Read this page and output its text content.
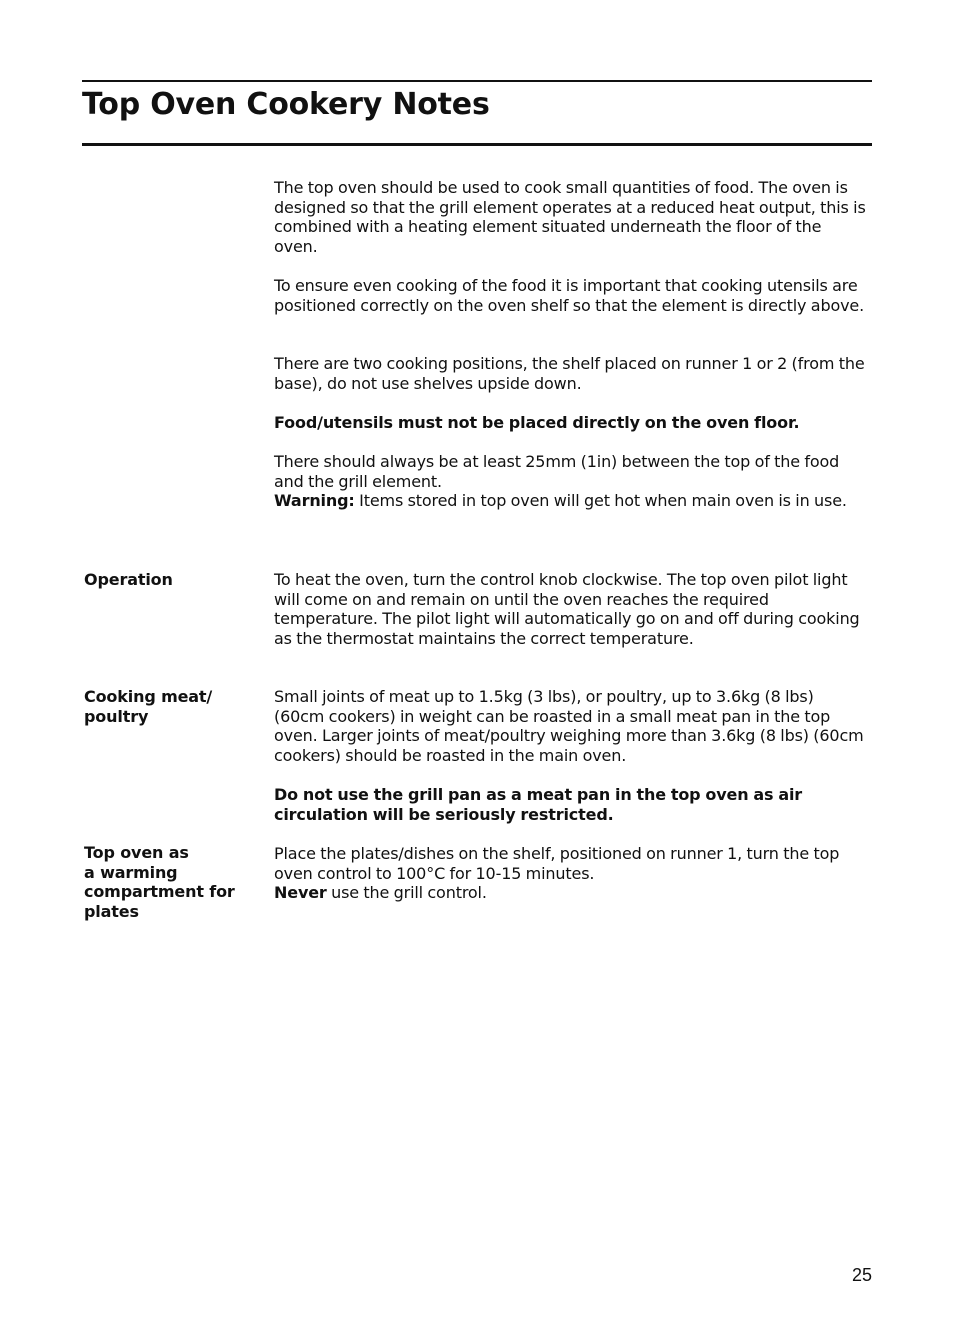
Top Oven Cookery Notes

The top oven should be used to cook small quantities of food. The oven is designed so that the grill element operates at a reduced heat output, this is combined with a heating element situated underneath the floor of the oven.

To ensure even cooking of the food it is important that cooking utensils are positioned correctly on the oven shelf so that the element is directly above.

There are two cooking positions, the shelf placed on runner 1 or 2 (from the base), do not use shelves upside down.

Food/utensils must not be placed directly on the oven floor.

There should always be at least 25mm (1in) between the top of the food and the grill element.
Warning: Items stored in top oven will get hot when main oven is in use.

Operation	To heat the oven, turn the control knob clockwise. The top oven pilot light will come on and remain on until the oven reaches the required temperature. The pilot light will automatically go on and off during cooking as the thermostat maintains the correct temperature.

Cooking meat/
poultry

Small joints of meat up to 1.5kg (3 lbs), or poultry, up to 3.6kg (8 lbs) (60cm cookers) in weight can be roasted in a small meat pan in the top oven. Larger joints of meat/poultry weighing more than 3.6kg (8 lbs) (60cm cookers) should be roasted in the main oven.

Do not use the grill pan as a meat pan in the top oven as air circulation will be seriously restricted.

Top oven as
a warming
compartment for
plates
Place the plates/dishes on the shelf, positioned on runner 1, turn the top oven control to 100°C for 10-15 minutes.
Never use the grill control.
25
